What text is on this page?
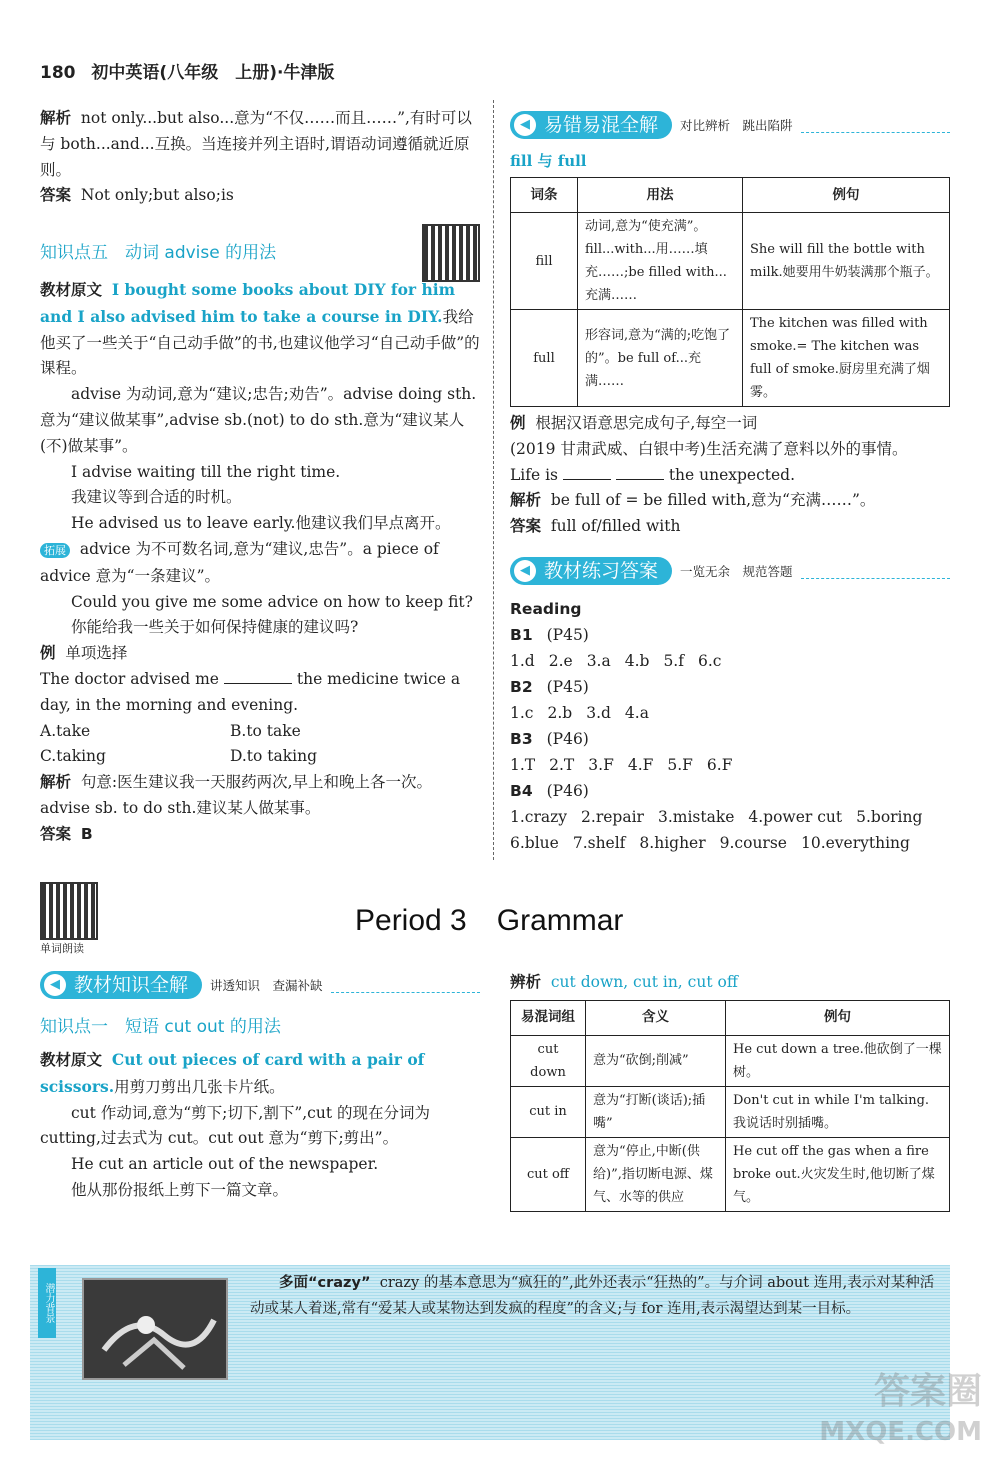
180 初中英语(八年级　上册)·牛津版

解析 not only...but also...意为“不仅……而且……”,有时可以与 both...and...互换。当连接并列主语时,谓语动词遵循就近原则。

答案 Not only;but also;is

知识点五　动词 advise 的用法

教材原文 I bought some books about DIY for him and I also advised him to take a course in DIY.我给他买了一些关于“自己动手做”的书,也建议他学习“自己动手做”的课程。

advise 为动词,意为“建议;忠告;劝告”。advise doing sth.意为“建议做某事”,advise sb.(not) to do sth.意为“建议某人(不)做某事”。

I advise waiting till the right time.

我建议等到合适的时机。

He advised us to leave early.他建议我们早点离开。

拓展 advice 为不可数名词,意为“建议,忠告”。a piece of advice 意为“一条建议”。

Could you give me some advice on how to keep fit?

你能给我一些关于如何保持健康的建议吗?

例 单项选择

The doctor advised me	the medicine twice a day, in the morning and evening.

A.take	B.to take
C.taking	D.to taking

解析 句意:医生建议我一天服药两次,早上和晚上各一次。advise sb. to do sth.建议某人做某事。

答案 B

◀ 易错易混全解	对比辨析　跳出陷阱
fill 与 full
词条	用法	例句
fill	动词,意为“使充满”。fill...with...用……填充……;be filled with...充满……	She will fill the bottle with milk.她要用牛奶装满那个瓶子。
full	形容词,意为“满的;吃饱了的”。be full of...充满……	The kitchen was filled with smoke.= The kitchen was full of smoke.厨房里充满了烟雾。

例 根据汉语意思完成句子,每空一词

(2019 甘肃武威、白银中考)生活充满了意料以外的事情。

Life is	the unexpected.

解析 be full of = be filled with,意为“充满……”。

答案 full of/filled with

◀ 教材练习答案	一览无余　规范答题
Reading
B1 (P45)
1.d 2.e 3.a 4.b 5.f 6.c
B2 (P45)
1.c 2.b 3.d 4.a
B3 (P46)
1.T 2.T 3.F 4.F 5.F 6.F
B4 (P46)
1.crazy 2.repair 3.mistake 4.power cut 5.boring
6.blue 7.shelf 8.higher 9.course 10.everything
单词朗读
Period 3　Grammar
◀ 教材知识全解	讲透知识　查漏补缺
知识点一　短语 cut out 的用法

教材原文 Cut out pieces of card with a pair of scissors.用剪刀剪出几张卡片纸。

cut 作动词,意为“剪下;切下,割下”,cut 的现在分词为 cutting,过去式为 cut。cut out 意为“剪下;剪出”。

He cut an article out of the newspaper.

他从那份报纸上剪下一篇文章。

辨析 cut down, cut in, cut off

易混词组	含义	例句
cut down	意为“砍倒;削减”	He cut down a tree.他砍倒了一棵树。
cut in	意为“打断(谈话);插嘴”	Don't cut in while I'm talking.我说话时别插嘴。
cut off	意为“停止,中断(供给)”,指切断电源、煤气、水等的供应	He cut off the gas when a fire broke out.火灾发生时,他切断了煤气。
潜力背景	多面“crazy” crazy 的基本意思为“疯狂的”,此外还表示“狂热的”。与介词 about 连用,表示对某种活动或某人着迷,常有“爱某人或某物达到发疯的程度”的含义;与 for 连用,表示渴望达到某一目标。
答案圈
MXQE.COM
